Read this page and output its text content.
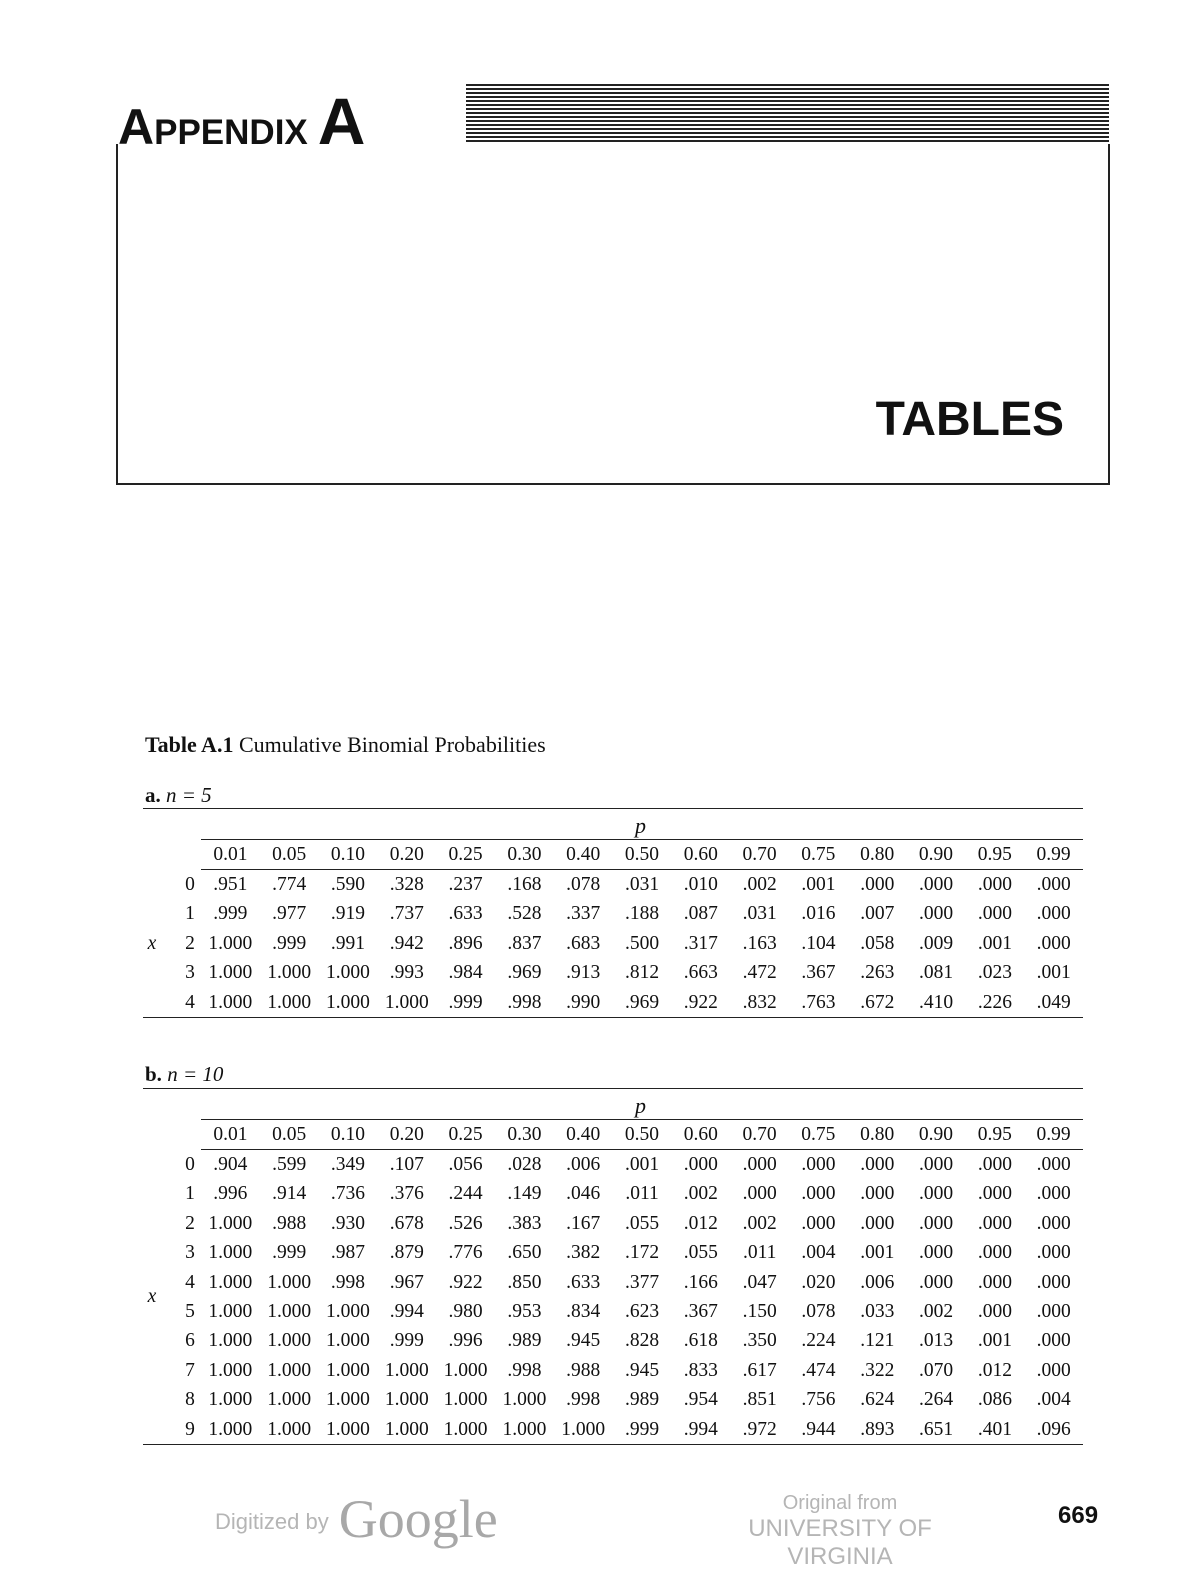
Appendix A
TABLES
Table A.1 Cumulative Binomial Probabilities
a. n = 5
p
0.01	0.05	0.10	0.20	0.25	0.30	0.40	0.50	0.60	0.70	0.75	0.80	0.90	0.95	0.99
0 .951	.774	.590	.328	.237	.168	.078	.031	.010	.002	.001	.000	.000	.000	.000
1 .999	.977	.919	.737	.633	.528	.337	.188	.087	.031	.016	.007	.000	.000	.000
x	2 1.000	.999	.991	.942	.896	.837	.683	.500	.317	.163	.104	.058	.009	.001	.000
3 1.000 1.000 1.000	.993	.984	.969	.913	.812	.663	.472	.367	.263	.081	.023	.001
4 1.000 1.000 1.000 1.000	.999	.998	.990	.969	.922	.832	.763	.672	.410	.226	.049
b. n = 10
p
0.01	0.05	0.10	0.20	0.25	0.30	0.40	0.50	0.60	0.70	0.75	0.80	0.90	0.95	0.99
0 .904	.599	.349	.107	.056	.028	.006	.001	.000	.000	.000	.000	.000	.000	.000
1 .996	.914	.736	.376	.244	.149	.046	.011	.002	.000	.000	.000	.000	.000	.000
2 1.000	.988	.930	.678	.526	.383	.167	.055	.012	.002	.000	.000	.000	.000	.000
3 1.000	.999	.987	.879	.776	.650	.382	.172	.055	.011	.004	.001	.000	.000	.000
x
4 1.000 1.000	.998	.967	.922	.850	.633	.377	.166	.047	.020	.006	.000	.000	.000
5 1.000 1.000 1.000	.994	.980	.953	.834	.623	.367	.150	.078	.033	.002	.000	.000
6 1.000 1.000 1.000	.999	.996	.989	.945	.828	.618	.350	.224	.121	.013	.001	.000
7 1.000 1.000 1.000 1.000 1.000	.998	.988	.945	.833	.617	.474	.322	.070	.012	.000
8 1.000 1.000 1.000 1.000 1.000 1.000	.998	.989	.954	.851	.756	.624	.264	.086	.004
9 1.000 1.000 1.000 1.000 1.000 1.000 1.000	.999	.994	.972	.944	.893	.651	.401	.096
Digitized by Google	Original from
UNIVERSITY OF VIRGINIA
669
